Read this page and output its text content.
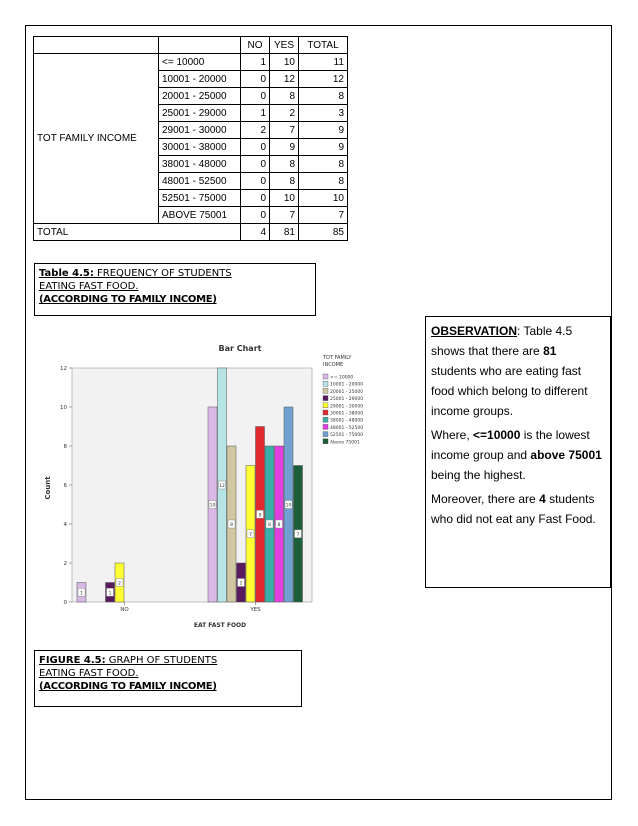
		NO	YES	TOTAL
TOT FAMILY INCOME	<= 10000	1	10	11
	10001 - 20000	0	12	12
	20001 - 25000	0	8	8
	25001 - 29000	1	2	3
	29001 - 30000	2	7	9
	30001 - 38000	0	9	9
	38001 - 48000	0	8	8
	48001 - 52500	0	8	8
	52501 - 75000	0	10	10
	ABOVE 75001	0	7	7
TOTAL		4	81	85
Table 4.5: FREQUENCY OF STUDENTS
EATING FAST FOOD.
(ACCORDING TO FAMILY INCOME)

OBSERVATION: Table 4.5 shows that there are 81 students who are eating fast food which belong to different income groups.

Where, <=10000 is the lowest income group and above 75001 being the highest.

Moreover, there are 4 students who did not eat any Fast Food.

Bar Chart
EAT FAST FOOD
Count
0
2
4
6
8
10
12
NO
1	1
2
YES
10
12
8
2
7
9
8 8
10
7
TOT FAMILY
INCOME
<= 10000
10001 - 20000
20001 - 25000
25001 - 29000
29001 - 30000
30001 - 38000
38001 - 48000
48001 - 52500
52501 - 75000
Above 75001
FIGURE 4.5: GRAPH OF STUDENTS
EATING FAST FOOD.
(ACCORDING TO FAMILY INCOME)
